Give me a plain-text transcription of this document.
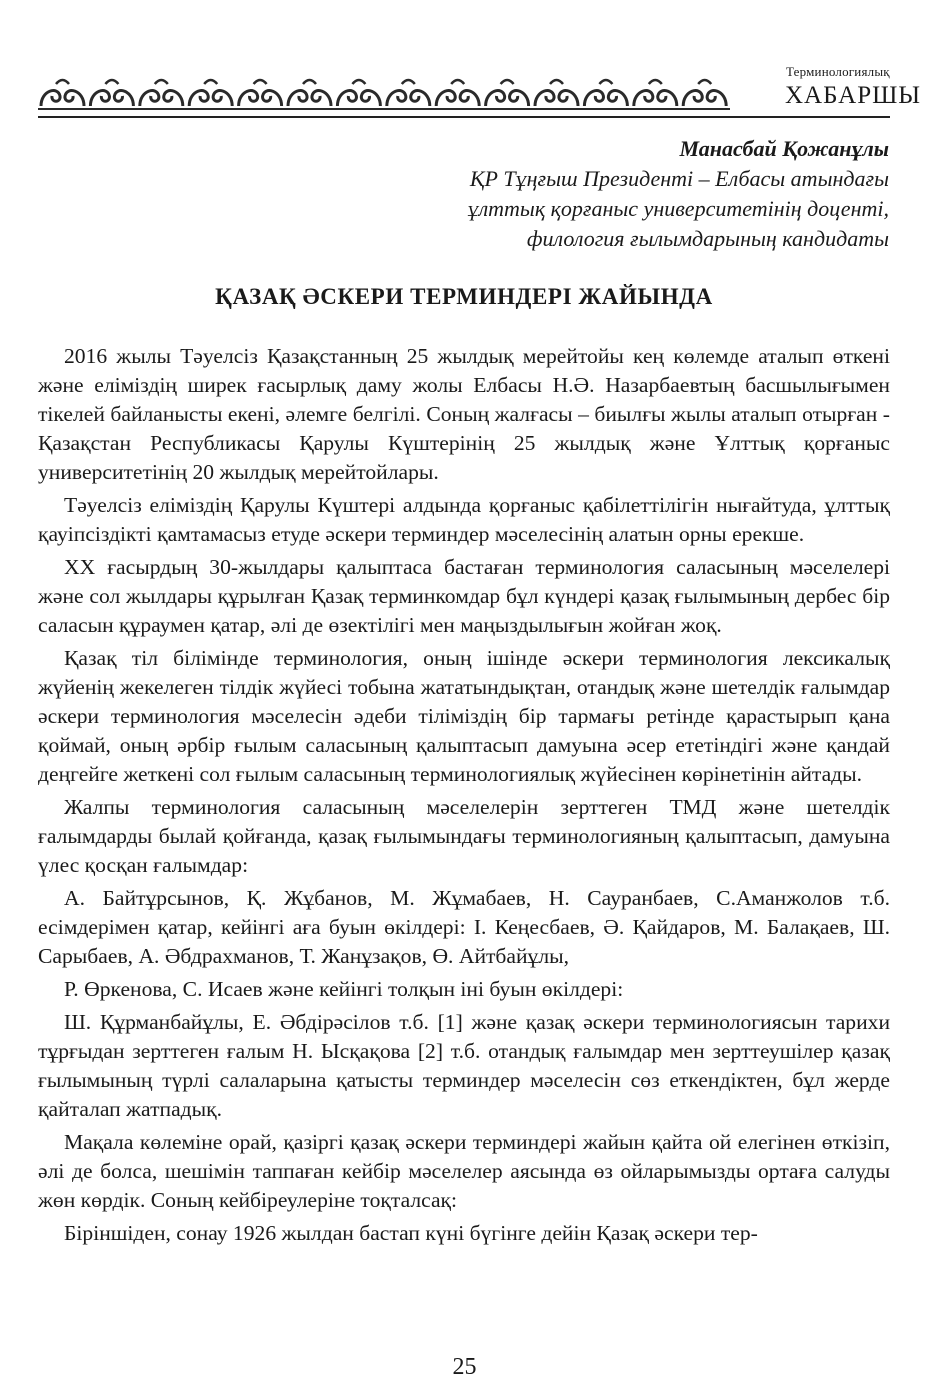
Терминологиялық
ХАБАРШЫ
Манасбай Қожанұлы
ҚР Тұңғыш Президенті – Елбасы атындағы
ұлттық қорғаныс университетінің доценті,
филология ғылымдарының кандидаты
ҚАЗАҚ ӘСКЕРИ ТЕРМИНДЕРІ ЖАЙЫНДА

2016 жылы Тәуелсіз Қазақстанның 25 жылдық мерейтойы кең көлемде аталып өткені және еліміздің ширек ғасырлық даму жолы Елбасы Н.Ә. Назарбаевтың басшылығымен тікелей байланысты екені, әлемге белгілі. Соның жалғасы – биылғы жылы аталып отырған - Қазақстан Республикасы Қарулы Күштерінің 25 жылдық және Ұлттық қорғаныс университетінің 20 жылдық мерейтойлары.

Тәуелсіз еліміздің Қарулы Күштері алдында қорғаныс қабілеттілігін нығайтуда, ұлттық қауіпсіздікті қамтамасыз етуде әскери терминдер мәселесінің алатын орны ерекше.

XX ғасырдың 30-жылдары қалыптаса бастаған терминология саласының мәселелері және сол жылдары құрылған Қазақ терминкомдар бұл күндері қазақ ғылымының дербес бір саласын құраумен қатар, әлі де өзектілігі мен маңыздылығын жойған жоқ.

Қазақ тіл білімінде терминология, оның ішінде әскери терминология лексикалық жүйенің жекелеген тілдік жүйесі тобына жататындықтан, отандық және шетелдік ғалымдар әскери терминология мәселесін әдеби тіліміздің бір тармағы ретінде қарастырып қана қоймай, оның әрбір ғылым саласының қалыптасып дамуына әсер ететіндігі және қандай деңгейге жеткені сол ғылым саласының терминологиялық жүйесінен көрінетінін айтады.

Жалпы терминология саласының мәселелерін зерттеген ТМД және шетелдік ғалымдарды былай қойғанда, қазақ ғылымындағы терминологияның қалыптасып, дамуына үлес қосқан ғалымдар:

А. Байтұрсынов, Қ. Жұбанов, М. Жұмабаев, Н. Сауранбаев, С.Аманжолов т.б. есімдерімен қатар, кейінгі аға буын өкілдері: І. Кеңесбаев, Ә. Қайдаров, М. Балақаев, Ш. Сарыбаев, А. Әбдрахманов, Т. Жанұзақов, Ө. Айтбайұлы,

Р. Өркенова, С. Исаев және кейінгі толқын іні буын өкілдері:

Ш. Құрманбайұлы, Е. Әбдірәсілов т.б. [1] және қазақ әскери терминологиясын тарихи тұрғыдан зерттеген ғалым Н. Ысқақова [2] т.б. отандық ғалымдар мен зерттеушілер қазақ ғылымының түрлі салаларына қатысты терминдер мәселесін сөз еткендіктен, бұл жерде қайталап жатпадық.

Мақала көлеміне орай, қазіргі қазақ әскери терминдері жайын қайта ой елегінен өткізіп, әлі де болса, шешімін таппаған кейбір мәселелер аясында өз ойларымызды ортаға салуды жөн көрдік. Соның кейбіреулеріне тоқталсақ:

Біріншіден, сонау 1926 жылдан бастап күні бүгінге дейін Қазақ әскери тер-

25
